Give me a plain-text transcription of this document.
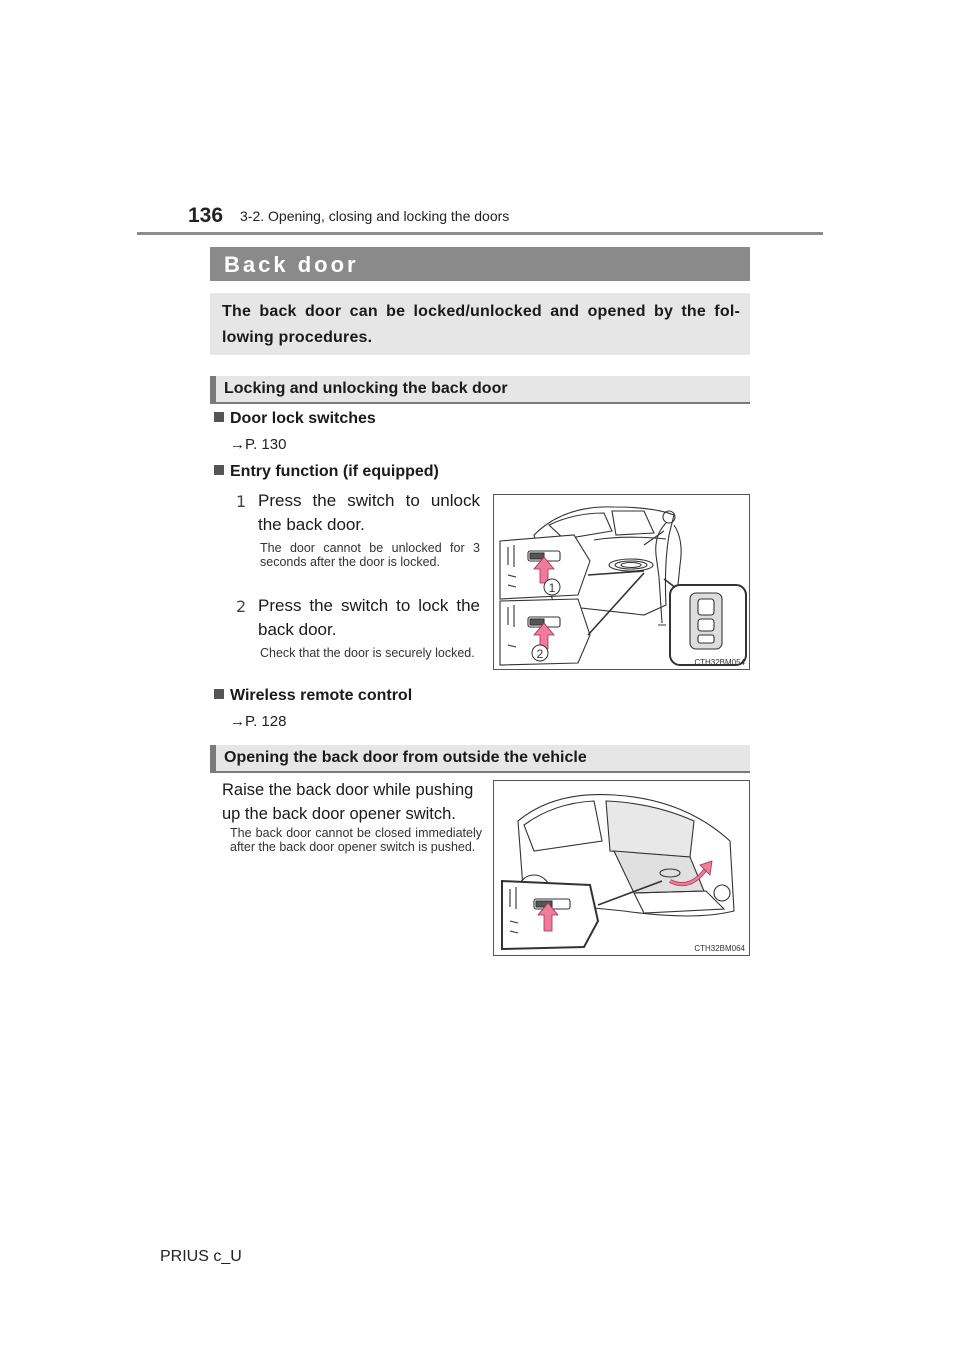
136 3-2. Opening, closing and locking the doors
Back door
The back door can be locked/unlocked and opened by the fol-lowing procedures.
Locking and unlocking the back door
Door lock switches
→P. 130
Entry function (if equipped)
1 Press the switch to unlock the back door.
The door cannot be unlocked for 3 seconds after the door is locked.
2 Press the switch to lock the back door.
Check that the door is securely locked.
1
2
CTH32BM054
Wireless remote control
→P. 128
Opening the back door from outside the vehicle
Raise the back door while pushing up the back door opener switch.
The back door cannot be closed immediately after the back door opener switch is pushed.
CTH32BM064
PRIUS c_U
